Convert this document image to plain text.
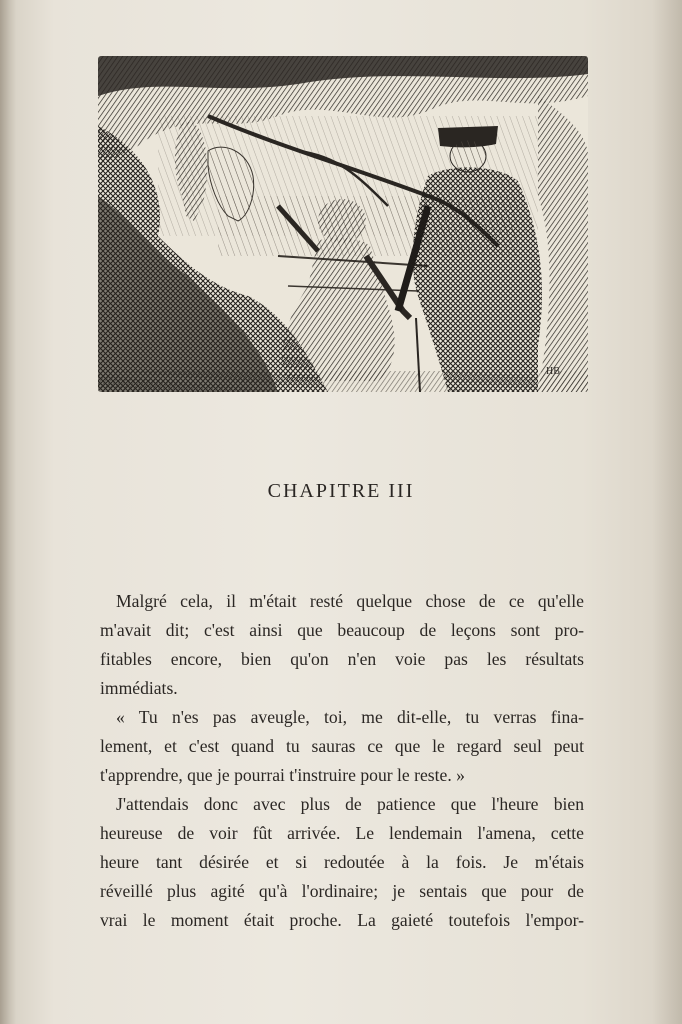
HB
CHAPITRE III
Malgré cela, il m'était resté quelque chose de ce qu'elle
m'avait dit; c'est ainsi que beaucoup de leçons sont pro-
fitables encore, bien qu'on n'en voie pas les résultats
immédiats.
« Tu n'es pas aveugle, toi, me dit-elle, tu verras fina-
lement, et c'est quand tu sauras ce que le regard seul peut
t'apprendre, que je pourrai t'instruire pour le reste. »
J'attendais donc avec plus de patience que l'heure bien
heureuse de voir fût arrivée. Le lendemain l'amena, cette
heure tant désirée et si redoutée à la fois. Je m'étais
réveillé plus agité qu'à l'ordinaire; je sentais que pour de
vrai le moment était proche. La gaieté toutefois l'empor-
